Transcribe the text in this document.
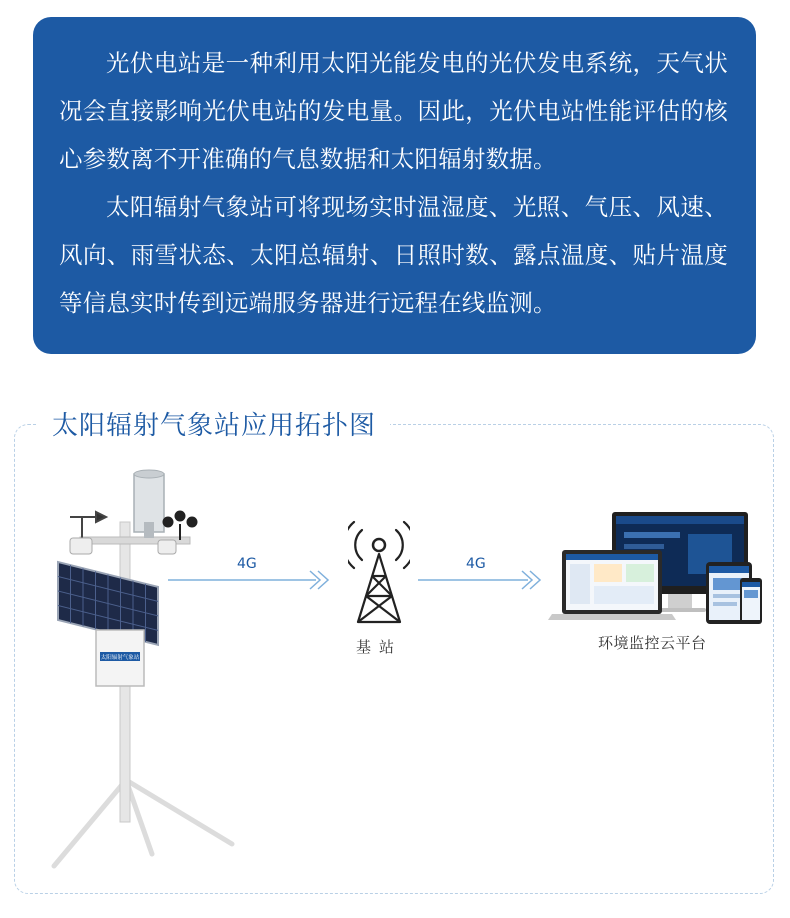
光伏电站是一种利用太阳光能发电的光伏发电系统，天气状况会直接影响光伏电站的发电量。因此，光伏电站性能评估的核心参数离不开准确的气息数据和太阳辐射数据。

太阳辐射气象站可将现场实时温湿度、光照、气压、风速、风向、雨雪状态、太阳总辐射、日照时数、露点温度、贴片温度等信息实时传到远端服务器进行远程在线监测。

太阳辐射气象站应用拓扑图
太阳辐射气象站
4G
基站
4G
环境监控云平台
